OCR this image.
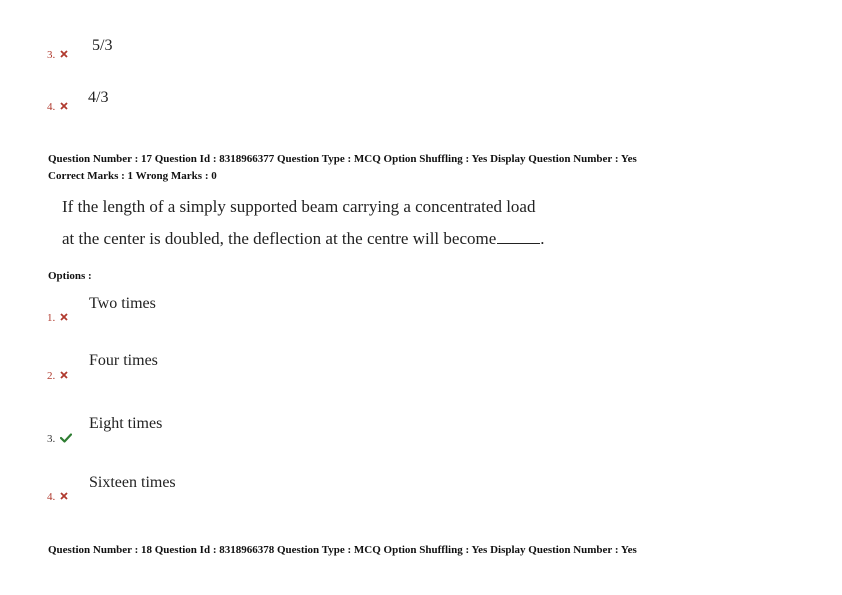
5/3
3.
4/3
4.
Question Number : 17 Question Id : 8318966377 Question Type : MCQ Option Shuffling : Yes Display Question Number : Yes
Correct Marks : 1 Wrong Marks : 0
If the length of a simply supported beam carrying a concentrated load
at the center is doubled, the deflection at the centre will become	.
Options :
Two times
1.
Four times
2.
Eight times
3.
Sixteen times
4.
Question Number : 18 Question Id : 8318966378 Question Type : MCQ Option Shuffling : Yes Display Question Number : Yes
